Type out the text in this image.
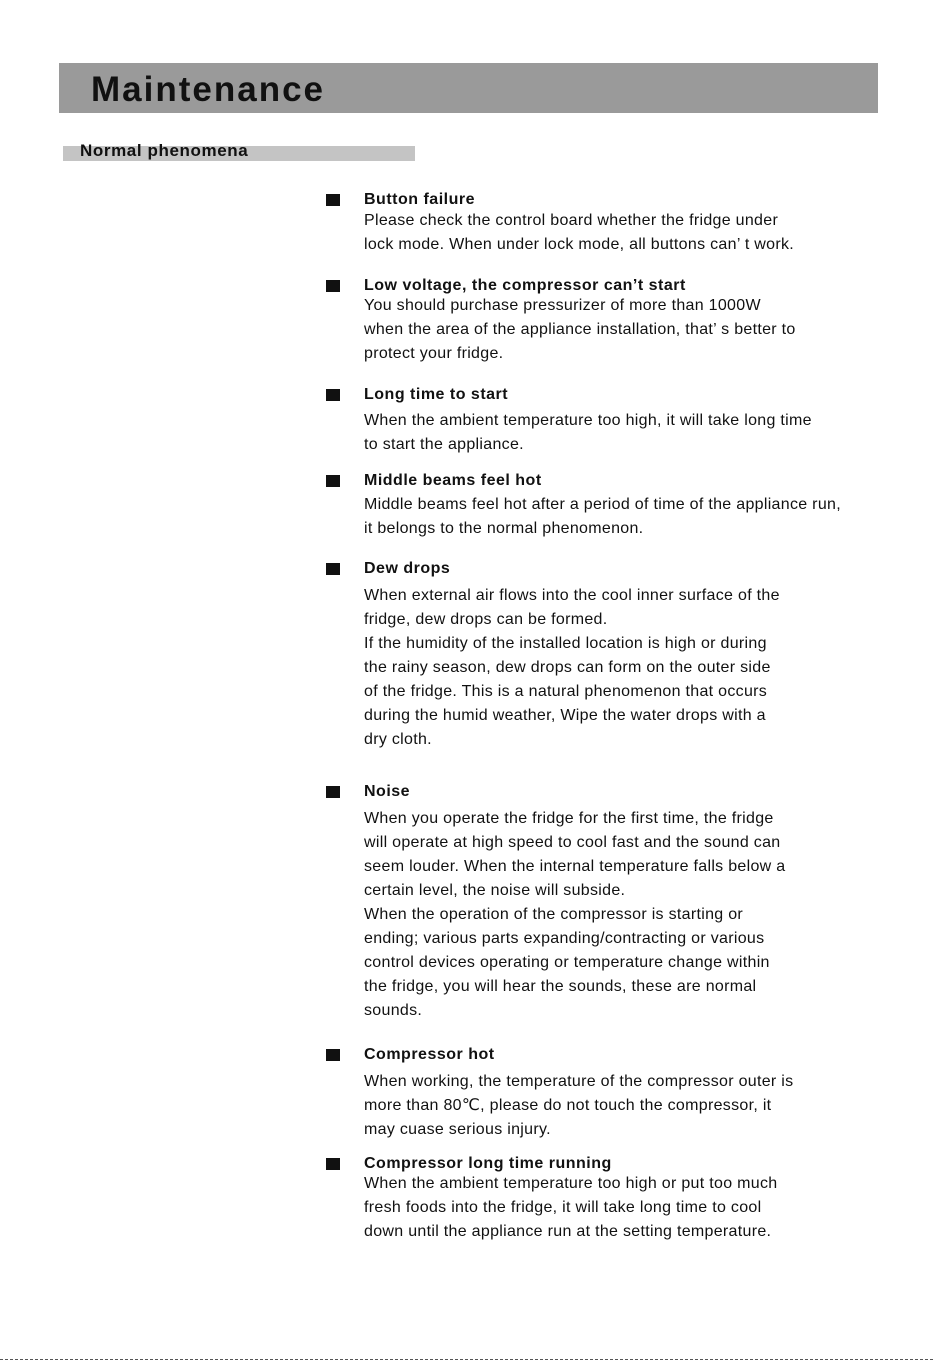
Maintenance
Normal phenomena
Button failure
Please check the control board whether the fridge under
lock mode. When under lock mode, all buttons can’ t work.
Low voltage, the compressor can’t start
You should purchase pressurizer of more than 1000W
when the area of the appliance installation, that’ s better to
protect your fridge.
Long time to start
When the ambient temperature too high, it will take long time
to start the appliance.
Middle beams feel hot
Middle beams feel hot after a period of time of the appliance run,
it belongs to the normal phenomenon.
Dew drops
When external air flows into the cool inner surface of the
fridge, dew drops can be formed.
If the humidity of the installed location is high or during
the rainy season, dew drops can form on the outer side
of the fridge. This is a natural phenomenon that occurs
during the humid weather, Wipe the water drops with a
dry cloth.
Noise
When you operate the fridge for the first time, the fridge
will operate at high speed to cool fast and the sound can
seem louder. When the internal temperature falls below a
certain level, the noise will subside.
When the operation of the compressor is starting or
ending; various parts expanding/contracting or various
control devices operating or temperature change within
the fridge, you will hear the sounds, these are normal
sounds.
Compressor hot
When working, the temperature of the compressor outer is
more than 80℃, please do not touch the compressor, it
may cuase serious injury.
Compressor long time running
When the ambient temperature too high or put too much
fresh foods into the fridge, it will take long time to cool
down until the appliance run at the setting temperature.
